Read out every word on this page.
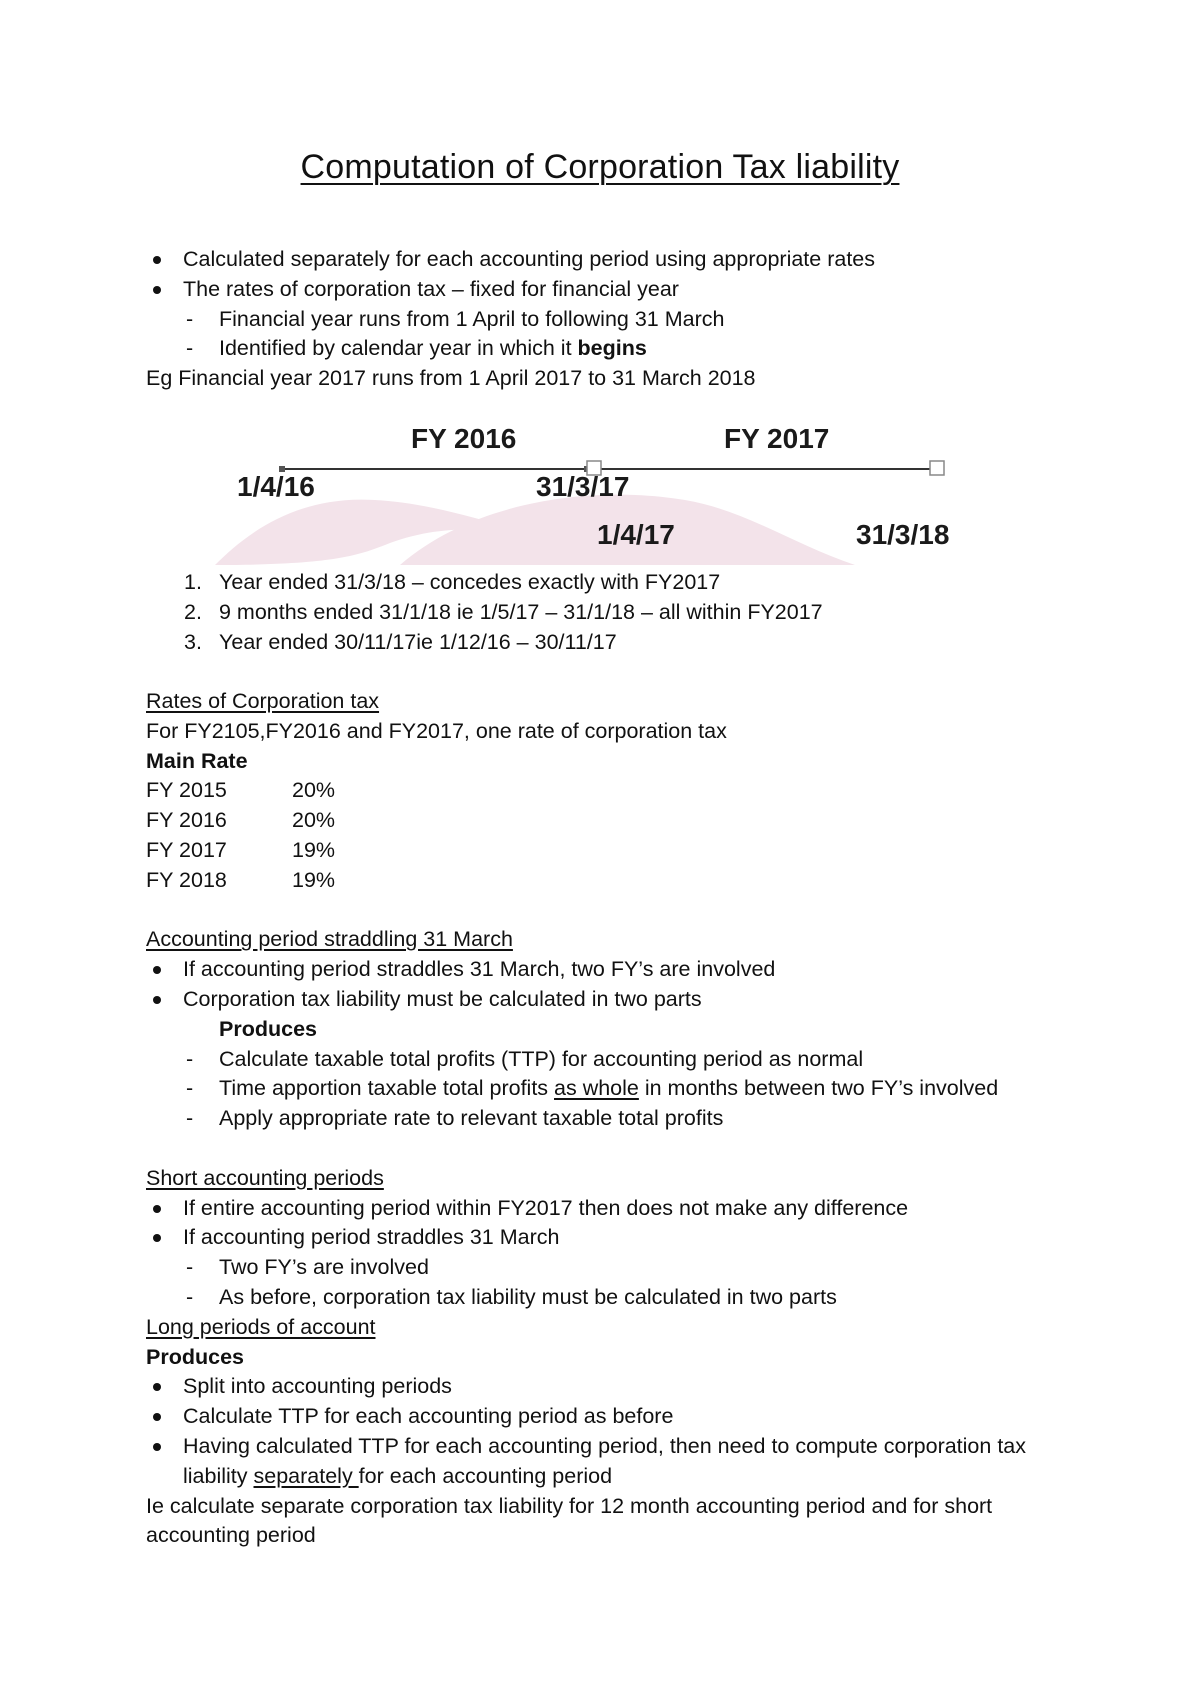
Computation of Corporation Tax liability
Calculated separately for each accounting period using appropriate rates
The rates of corporation tax – fixed for financial year
- Financial year runs from 1 April to following 31 March
- Identified by calendar year in which it begins
Eg Financial year 2017 runs from 1 April 2017 to 31 March 2018
FY 2016	FY 2017
1/4/16	31/3/17
1/4/17	31/3/18
1. Year ended 31/3/18 – concedes exactly with FY2017
2. 9 months ended 31/1/18 ie 1/5/17 – 31/1/18 – all within FY2017
3. Year ended 30/11/17ie 1/12/16 – 30/11/17
Rates of Corporation tax
For FY2105,FY2016 and FY2017, one rate of corporation tax
Main Rate
FY 2015	20%
FY 2016	20%
FY 2017	19%
FY 2018	19%
Accounting period straddling 31 March
If accounting period straddles 31 March, two FY’s are involved
Corporation tax liability must be calculated in two parts
Produces
- Calculate taxable total profits (TTP) for accounting period as normal
- Time apportion taxable total profits as whole in months between two FY’s involved
- Apply appropriate rate to relevant taxable total profits
Short accounting periods
If entire accounting period within FY2017 then does not make any difference
If accounting period straddles 31 March
- Two FY’s are involved
- As before, corporation tax liability must be calculated in two parts
Long periods of account
Produces
Split into accounting periods
Calculate TTP for each accounting period as before
Having calculated TTP for each accounting period, then need to compute corporation tax liability separately for each accounting period
Ie calculate separate corporation tax liability for 12 month accounting period and for short accounting period
